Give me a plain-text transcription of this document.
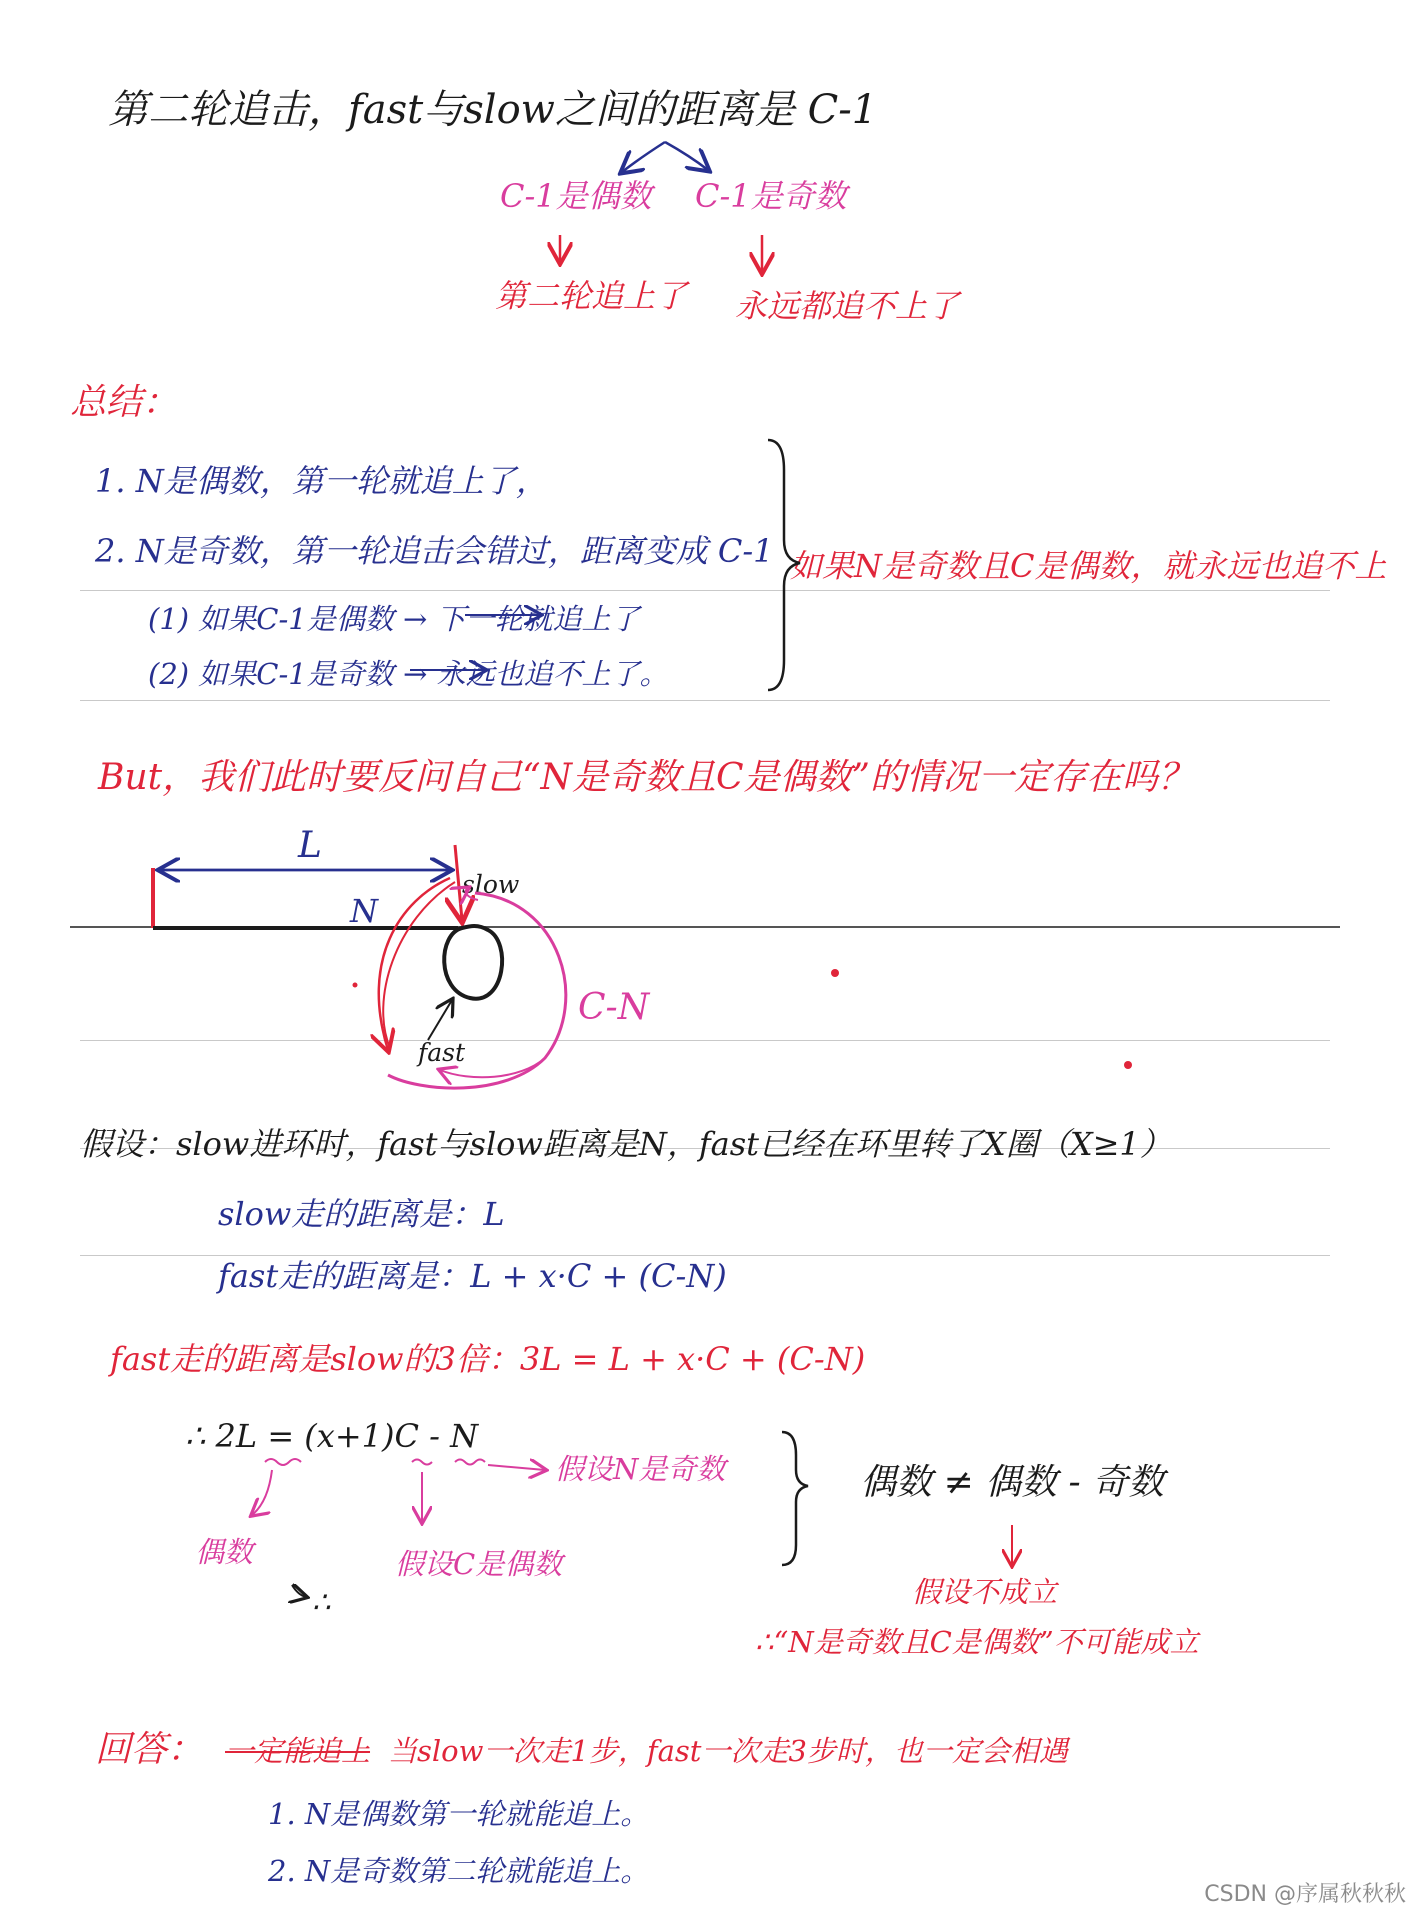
第二轮追击，fast与slow之间的距离是 C-1
C-1是偶数 C-1是奇数
第二轮追上了 永远都追不上了
总结：
1. N是偶数，第一轮就追上了，
2. N是奇数，第一轮追击会错过，距离变成 C-1
(1) 如果C-1是偶数 → 下一轮就追上了
(2) 如果C-1是奇数 → 永远也追不上了。
如果N是奇数且C是偶数，就永远也追不上
But，我们此时要反问自己“N是奇数且C是偶数”的情况一定存在吗？
L
N
slow
fast
C-N
假设：slow进环时，fast与slow距离是N，fast已经在环里转了X圈（X≥1）
slow走的距离是：L
fast走的距离是：L + x·C + (C-N)
fast走的距离是slow的3倍：3L = L + x·C + (C-N)
∴ 2L = (x+1)C - N
假设N是奇数
偶数	假设C是偶数
∴
偶数 ≠ 偶数 - 奇数
假设不成立
∴“N是奇数且C是偶数”不可能成立
回答： 一定能追上 当slow一次走1步，fast一次走3步时，也一定会相遇
1. N是偶数第一轮就能追上。
2. N是奇数第二轮就能追上。
CSDN @序属秋秋秋
